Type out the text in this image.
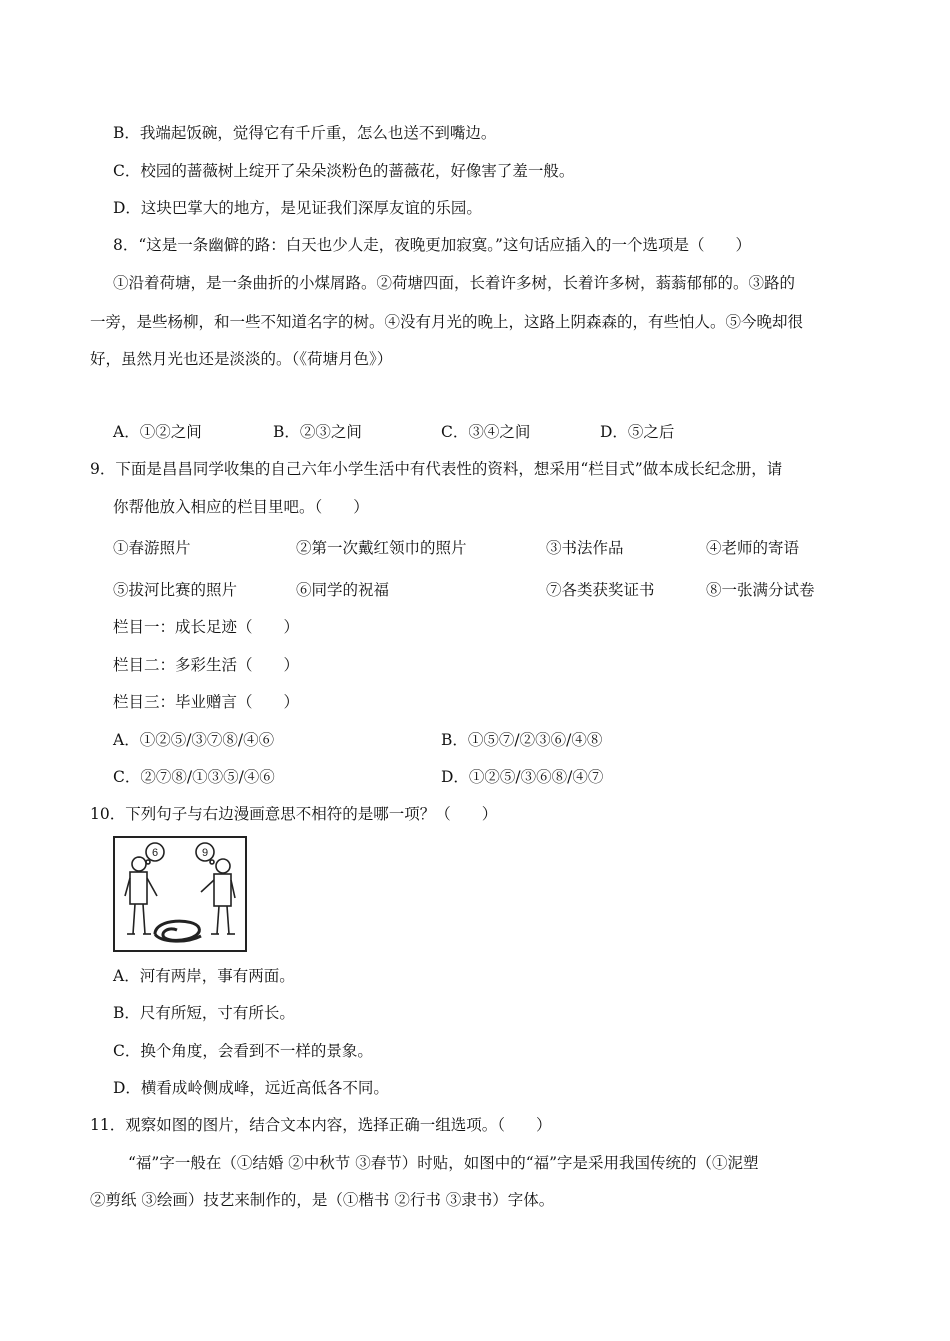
B．我端起饭碗，觉得它有千斤重，怎么也送不到嘴边。
C．校园的蔷薇树上绽开了朵朵淡粉色的蔷薇花，好像害了羞一般。
D．这块巴掌大的地方，是见证我们深厚友谊的乐园。
8．“这是一条幽僻的路：白天也少人走，夜晚更加寂寞。”这句话应插入的一个选项是（　　）
①沿着荷塘，是一条曲折的小煤屑路。②荷塘四面，长着许多树，长着许多树，蓊蓊郁郁的。③路的
一旁，是些杨柳，和一些不知道名字的树。④没有月光的晚上，这路上阴森森的，有些怕人。⑤今晚却很
好，虽然月光也还是淡淡的。（《荷塘月色》）
A．①②之间	B．②③之间	C．③④之间	D．⑤之后
9．下面是昌昌同学收集的自己六年小学生活中有代表性的资料，想采用“栏目式”做本成长纪念册，请
你帮他放入相应的栏目里吧。（　　）
①春游照片	②第一次戴红领巾的照片	③书法作品	④老师的寄语
⑤拔河比赛的照片	⑥同学的祝福	⑦各类获奖证书	⑧一张满分试卷
栏目一：成长足迹（　　）
栏目二：多彩生活（　　）
栏目三：毕业赠言（　　）
A．①②⑤/③⑦⑧/④⑥	B．①⑤⑦/②③⑥/④⑧
C．②⑦⑧/①③⑤/④⑥	D．①②⑤/③⑥⑧/④⑦
10．下列句子与右边漫画意思不相符的是哪一项？（　　）
6	9
A．河有两岸，事有两面。
B．尺有所短，寸有所长。
C．换个角度，会看到不一样的景象。
D．横看成岭侧成峰，远近高低各不同。
11．观察如图的图片，结合文本内容，选择正确一组选项。（　　）
“福”字一般在（①结婚 ②中秋节 ③春节）时贴，如图中的“福”字是采用我国传统的（①泥塑
②剪纸 ③绘画）技艺来制作的，是（①楷书 ②行书 ③隶书）字体。
